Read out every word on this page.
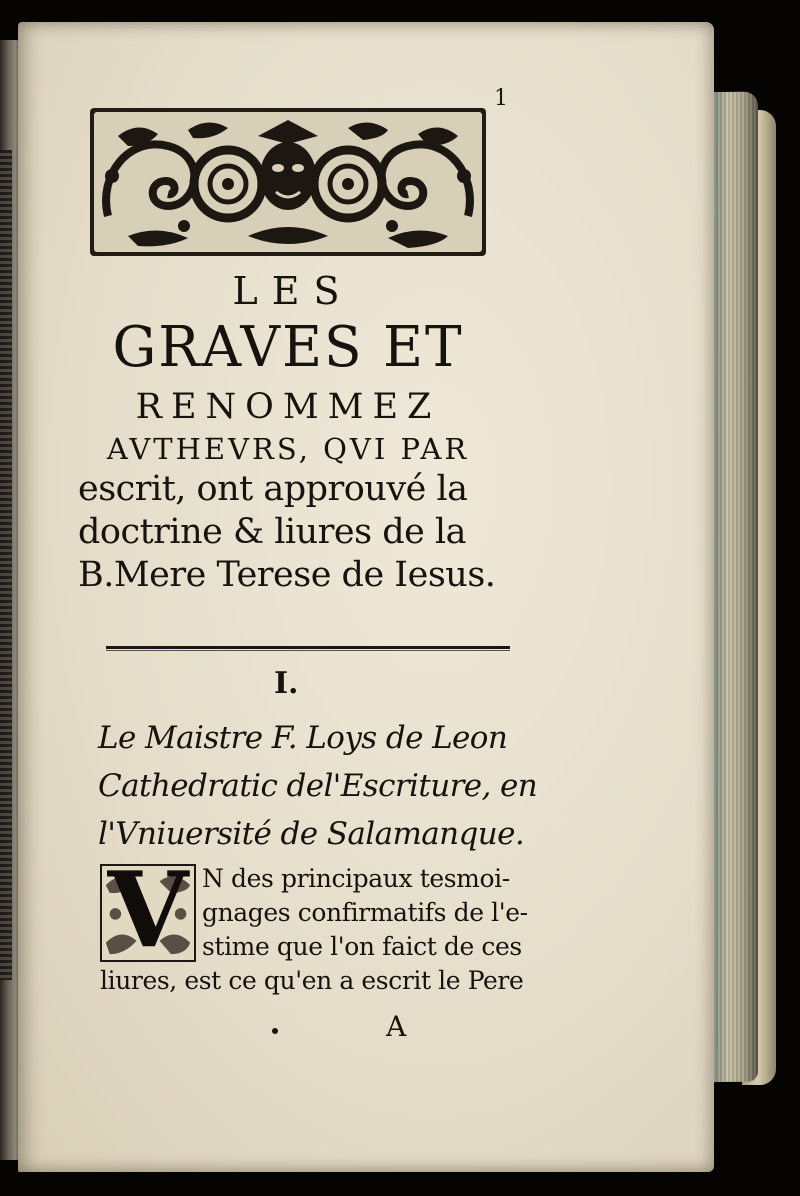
1
LES
GRAVES ET
RENOMMEZ
AVTHEVRS, QVI PAR
escrit, ont approuvé la
doctrine & liures de la
B.Mere Terese de Iesus.
I.
Le Maistre F. Loys de Leon
Cathedratic del'Escriture, en
l'Vniuersité de Salamanque.
V N des principaux tesmoi-
gnages confirmatifs de l'e-
stime que l'on faict de ces
liures, est ce qu'en a escrit le Pere
A
